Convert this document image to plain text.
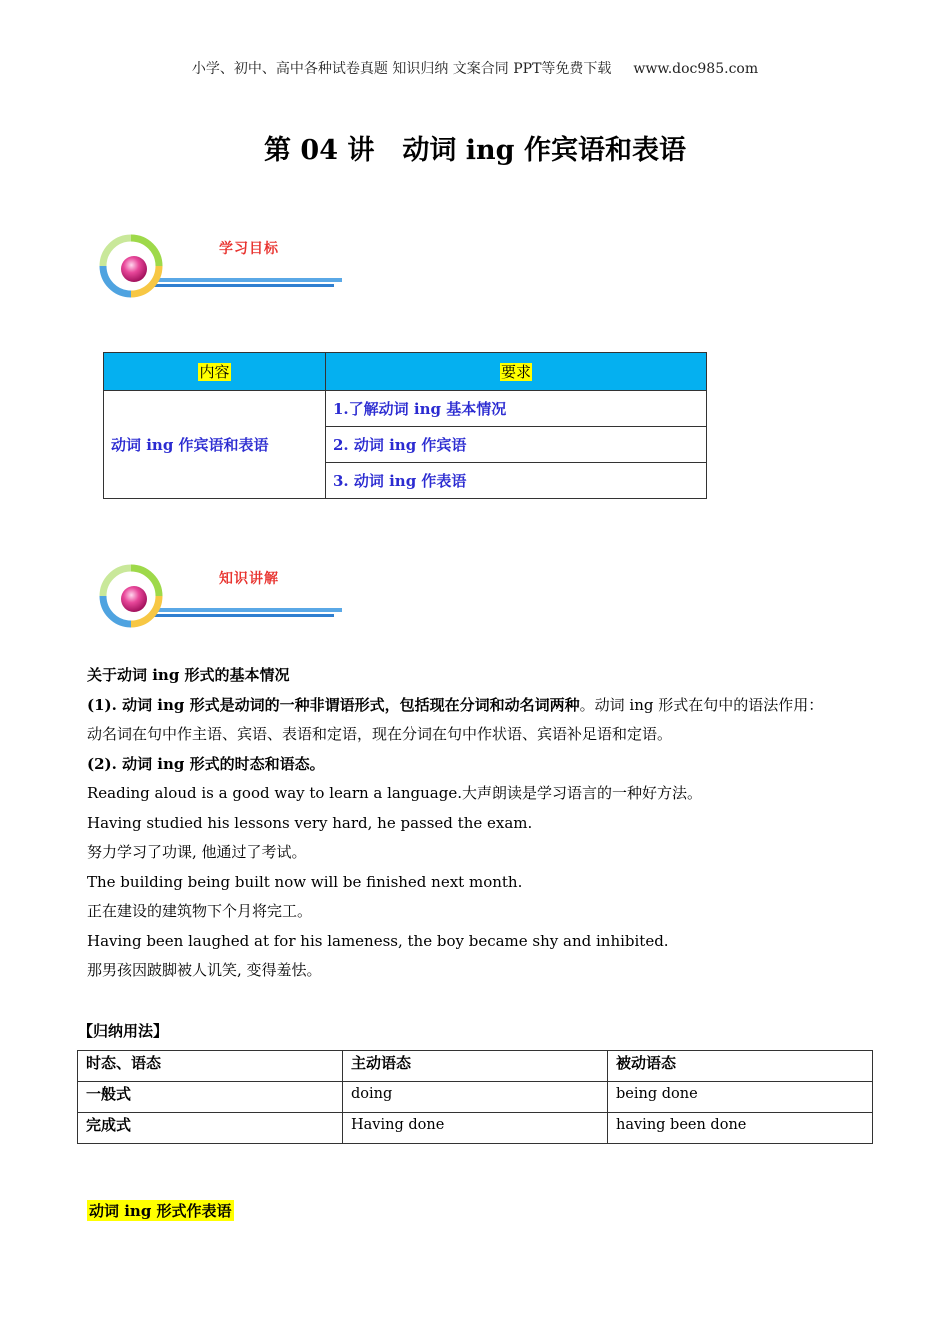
小学、初中、高中各种试卷真题 知识归纳 文案合同 PPT等免费下载 www.doc985.com
第 04 讲 动词 ing 作宾语和表语
学习目标
内容	要求
动词 ing 作宾语和表语	1.了解动词 ing 基本情况
	2. 动词 ing 作宾语
	3. 动词 ing 作表语
知识讲解

关于动词 ing 形式的基本情况

(1). 动词 ing 形式是动词的一种非谓语形式，包括现在分词和动名词两种。动词 ing 形式在句中的语法作用：

动名词在句中作主语、宾语、表语和定语，现在分词在句中作状语、宾语补足语和定语。

(2). 动词 ing 形式的时态和语态。

Reading aloud is a good way to learn a language.大声朗读是学习语言的一种好方法。

Having studied his lessons very hard, he passed the exam.

努力学习了功课, 他通过了考试。

The building being built now will be finished next month.

正在建设的建筑物下个月将完工。

Having been laughed at for his lameness, the boy became shy and inhibited.

那男孩因跛脚被人讥笑, 变得羞怯。

【归纳用法】
时态、语态	主动语态	被动语态
一般式	doing	being done
完成式	Having done	having been done
动词 ing 形式作表语
